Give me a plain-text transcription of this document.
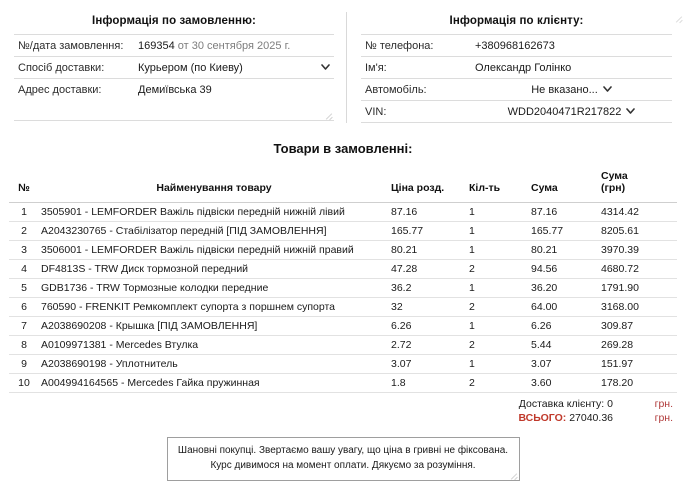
Інформація по замовленню:
№/дата замовлення:	169354 от 30 сентября 2025 г.
Спосіб доставки:	Курьером (по Киеву)
Адрес доставки:	Демиївська 39
Інформація по клієнту:
№ телефона:	+380968162673
Ім'я:	Олександр Голінко
Автомобіль:	Не вказано...
VIN:	WDD2040471R217822
Товари в замовленні:
№	Найменування товару	Ціна розд.	Кіл-ть	Сума	Сума
(грн)
1	3505901 - LEMFORDER Важіль підвіски передній нижній лівий	87.16	1	87.16	4314.42
2	A2043230765 - Стабілізатор передній [ПІД ЗАМОВЛЕННЯ]	165.77	1	165.77	8205.61
3	3506001 - LEMFORDER Важіль підвіски передній нижній правий	80.21	1	80.21	3970.39
4	DF4813S - TRW Диск тормозной передний	47.28	2	94.56	4680.72
5	GDB1736 - TRW Тормозные колодки передние	36.2	1	36.20	1791.90
6	760590 - FRENKIT Ремкомплект супорта з поршнем супорта	32	2	64.00	3168.00
7	A2038690208 - Крышка [ПІД ЗАМОВЛЕННЯ]	6.26	1	6.26	309.87
8	A0109971381 - Mercedes Втулка	2.72	2	5.44	269.28
9	A2038690198 - Уплотнитель	3.07	1	3.07	151.97
10	A004994164565 - Mercedes Гайка пружинная	1.8	2	3.60	178.20
Доставка клієнту: 0	грн.
ВСЬОГО: 27040.36	грн.
Шановні покупці. Звертаємо вашу увагу, що ціна в гривні не фіксована.
Курс дивимося на момент оплати. Дякуємо за розуміння.
